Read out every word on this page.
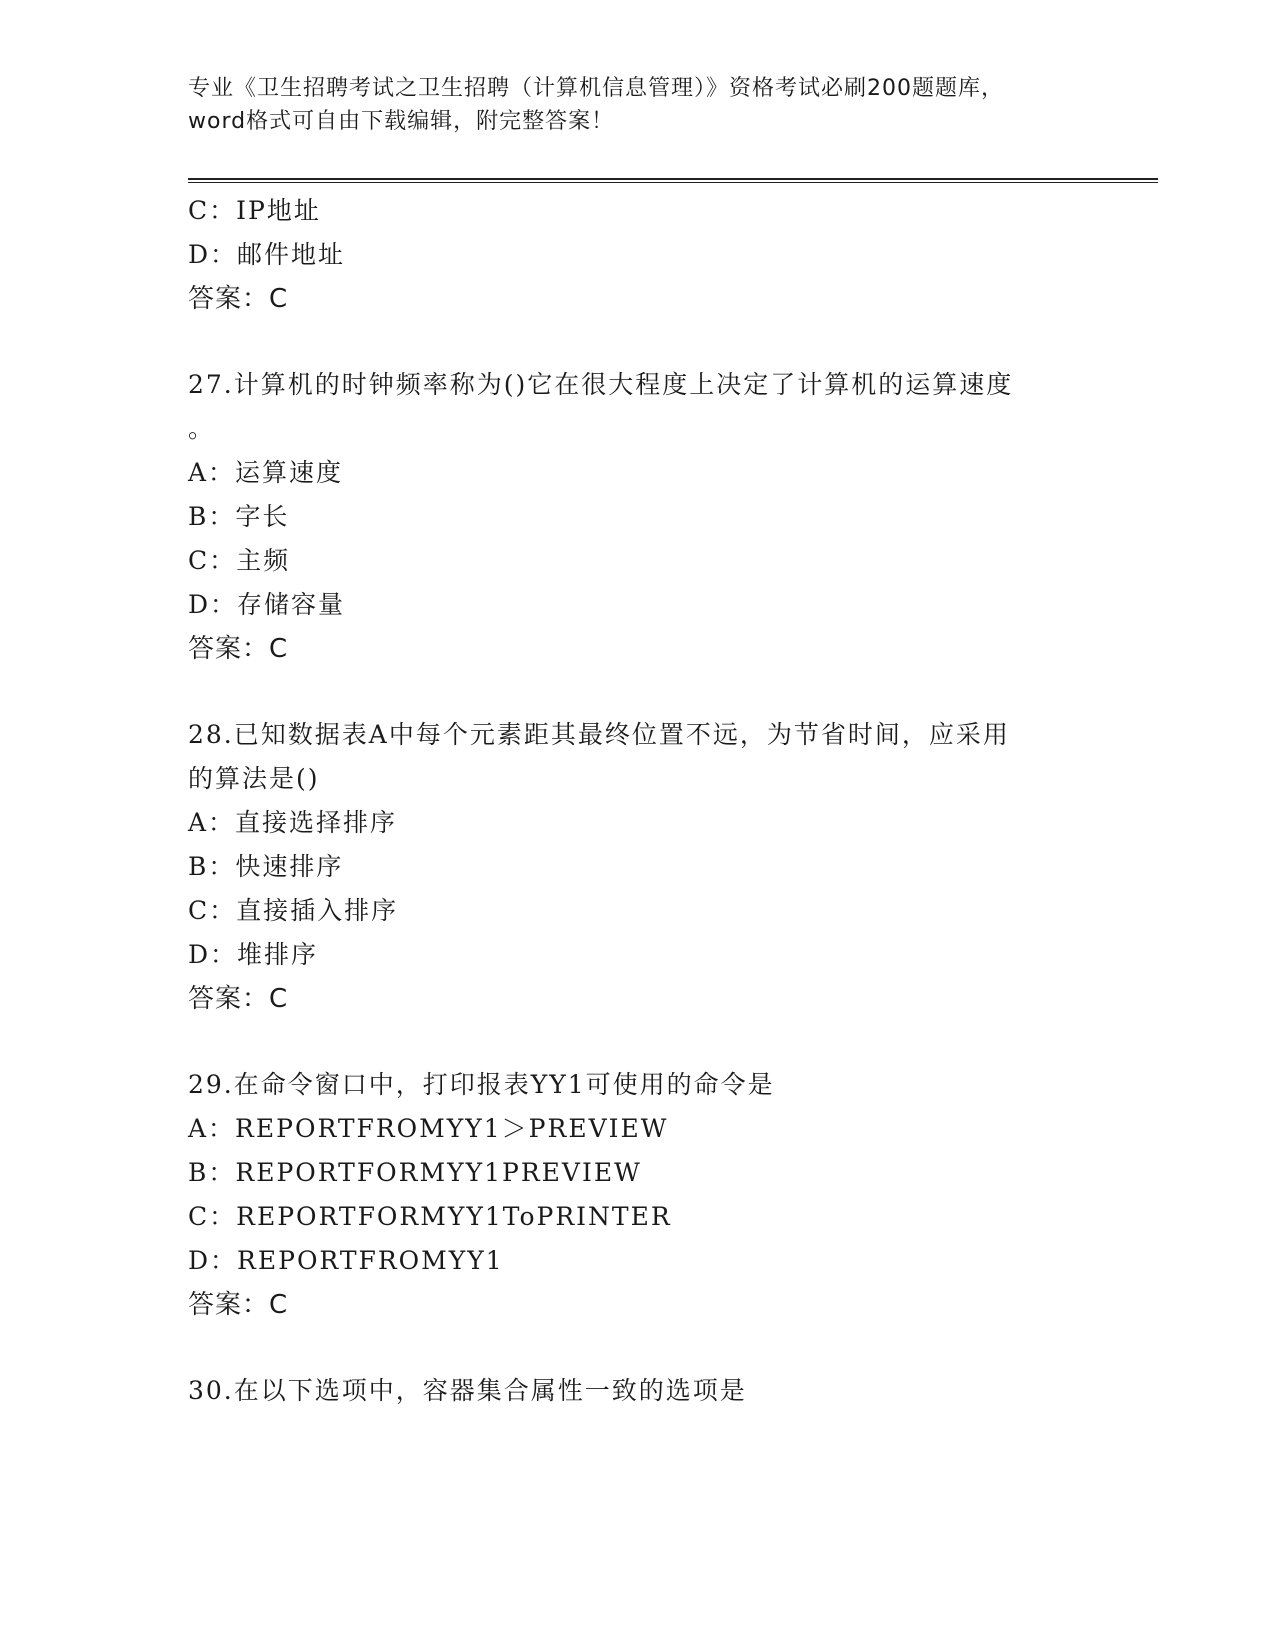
专业《卫生招聘考试之卫生招聘（计算机信息管理）》资格考试必刷200题题库，
word格式可自由下载编辑，附完整答案！
C：IP地址
D：邮件地址
答案：C
27.计算机的时钟频率称为()它在很大程度上决定了计算机的运算速度
。
A：运算速度
B：字长
C：主频
D：存储容量
答案：C
28.已知数据表A中每个元素距其最终位置不远，为节省时间，应采用
的算法是()
A：直接选择排序
B：快速排序
C：直接插入排序
D：堆排序
答案：C
29.在命令窗口中，打印报表YY1可使用的命令是
A：REPORTFROMYY1＞PREVIEW
B：REPORTFORMYY1PREVIEW
C：REPORTFORMYY1ToPRINTER
D：REPORTFROMYY1
答案：C
30.在以下选项中，容器集合属性一致的选项是
